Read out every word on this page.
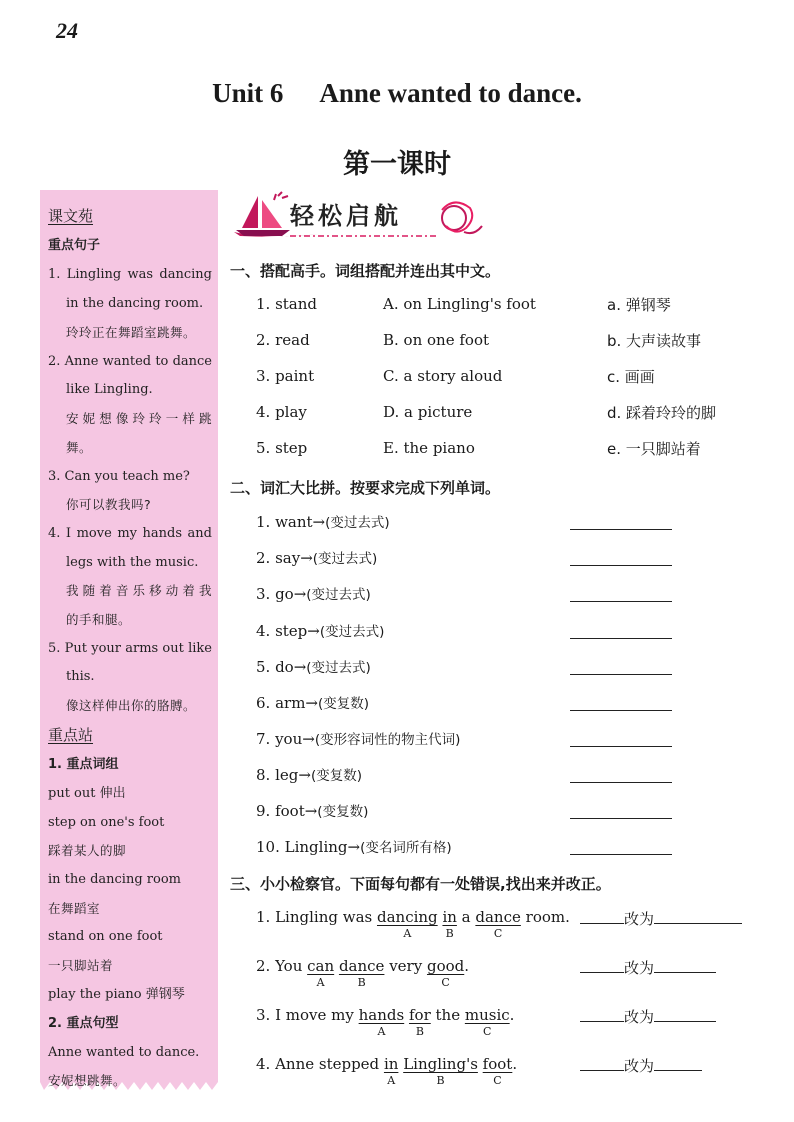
24
Unit 6 Anne wanted to dance.
第一课时
课文苑
重点句子
1. Lingling was dancing
in the dancing room.
玲玲正在舞蹈室跳舞。
2. Anne wanted to dance
like Lingling.
安妮想像玲玲一样跳
舞。
3. Can you teach me?
你可以教我吗?
4. I move my hands and
legs with the music.
我随着音乐移动着我
的手和腿。
5. Put your arms out like
this.
像这样伸出你的胳膊。
重点站
1. 重点词组
put out 伸出
step on one's foot
踩着某人的脚
in the dancing room
在舞蹈室
stand on one foot
一只脚站着
play the piano 弹钢琴
2. 重点句型
Anne wanted to dance.
安妮想跳舞。
轻松启航
一、搭配高手。词组搭配并连出其中文。
1. stand	A. on Lingling's foot	a. 弹钢琴
2. read	B. on one foot	b. 大声读故事
3. paint	C. a story aloud	c. 画画
4. play	D. a picture	d. 踩着玲玲的脚
5. step	E. the piano	e. 一只脚站着
二、词汇大比拼。按要求完成下列单词。
1. want→(变过去式)
2. say→(变过去式)
3. go→(变过去式)
4. step→(变过去式)
5. do→(变过去式)
6. arm→(变复数)
7. you→(变形容词性的物主代词)
8. leg→(变复数)
9. foot→(变复数)
10. Lingling→(变名词所有格)
三、小小检察官。下面每句都有一处错误,找出来并改正。
1. Lingling was dancing
A
in
B
a dance
C
room.	改为
2. You can
A
dance
B
very good
C
.	改为
3. I move my hands
A
for
B
the music
C
.	改为
4. Anne stepped in
A
Lingling's
B
foot
C
.	改为
